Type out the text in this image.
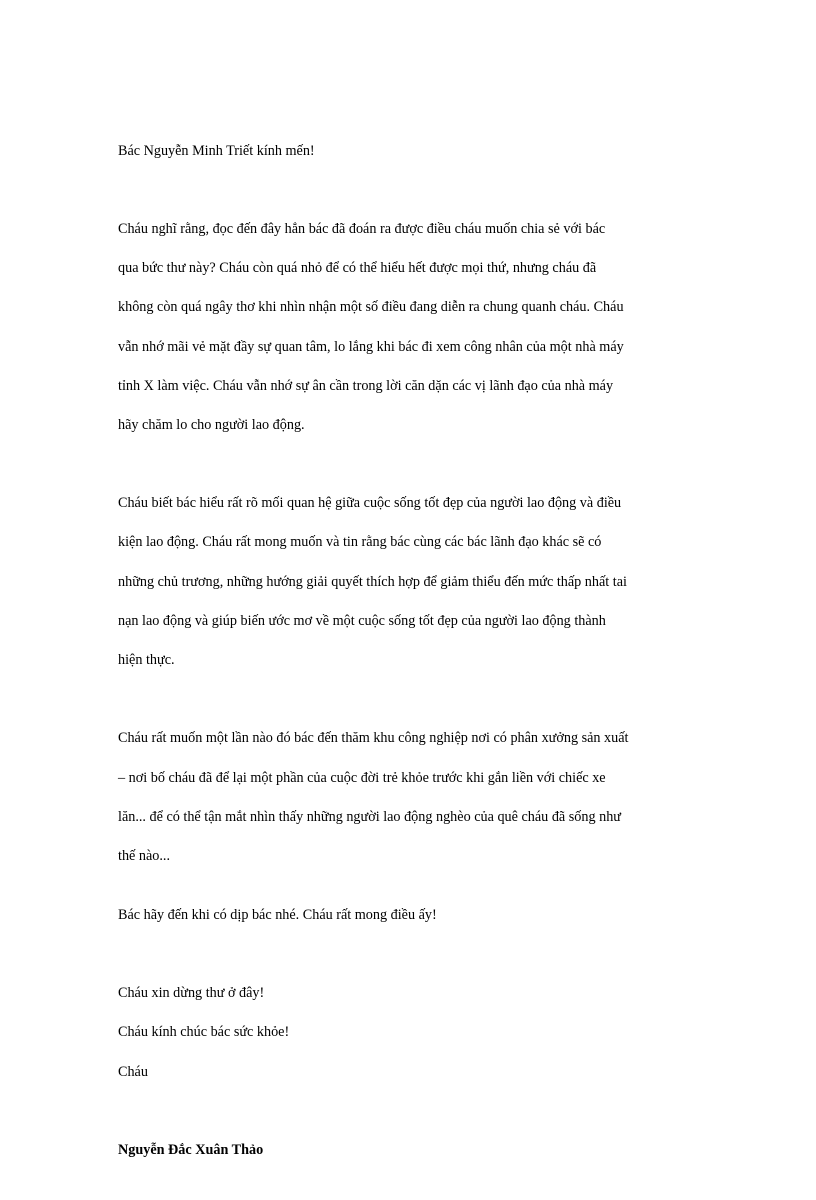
Bác Nguyễn Minh Triết kính mến!

Cháu nghĩ rằng, đọc đến đây hẳn bác đã đoán ra được điều cháu muốn chia sẻ với bác

qua bức thư này? Cháu còn quá nhỏ để có thể hiểu hết được mọi thứ, nhưng cháu đã

không còn quá ngây thơ khi nhìn nhận một số điều đang diễn ra chung quanh cháu. Cháu

vẫn nhớ mãi vẻ mặt đầy sự quan tâm, lo lắng khi bác đi xem công nhân của một nhà máy

tỉnh X làm việc. Cháu vẫn nhớ sự ân cần trong lời căn dặn các vị lãnh đạo của nhà máy

hãy chăm lo cho người lao động.

Cháu biết bác hiểu rất rõ mối quan hệ giữa cuộc sống tốt đẹp của người lao động và điều

kiện lao động. Cháu rất mong muốn và tin rằng bác cùng các bác lãnh đạo khác sẽ có

những chủ trương, những hướng giải quyết thích hợp để giảm thiểu đến mức thấp nhất tai

nạn lao động và giúp biến ước mơ về một cuộc sống tốt đẹp của người lao động thành

hiện thực.

Cháu rất muốn một lần nào đó bác đến thăm khu công nghiệp nơi có phân xưởng sản xuất

– nơi bố cháu đã để lại một phần của cuộc đời trẻ khỏe trước khi gắn liền với chiếc xe

lăn... để có thể tận mắt nhìn thấy những người lao động nghèo của quê cháu đã sống như

thế nào...

Bác hãy đến khi có dịp bác nhé. Cháu rất mong điều ấy!

Cháu xin dừng thư ở đây!

Cháu kính chúc bác sức khỏe!

Cháu

Nguyễn Đắc Xuân Thảo
